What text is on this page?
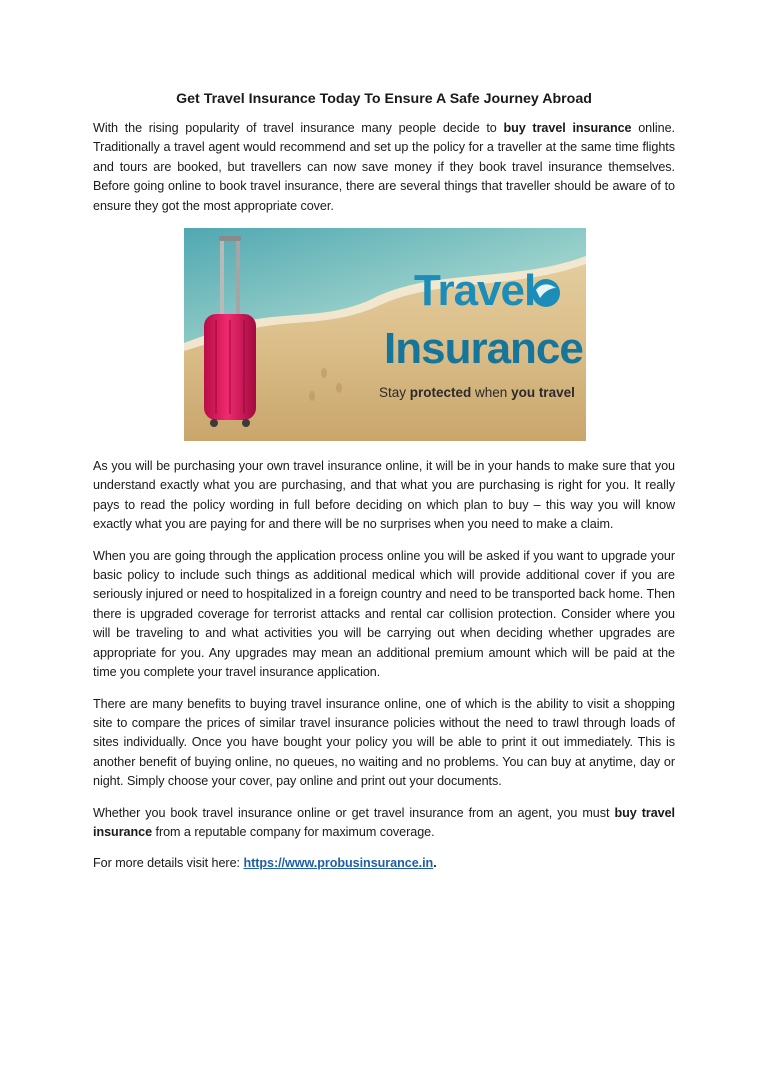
Get Travel Insurance Today To Ensure A Safe Journey Abroad

With the rising popularity of travel insurance many people decide to buy travel insurance online. Traditionally a travel agent would recommend and set up the policy for a traveller at the same time flights and tours are booked, but travellers can now save money if they book travel insurance themselves. Before going online to book travel insurance, there are several things that traveller should be aware of to ensure they got the most appropriate cover.

Travel
Insurance
Stay protected when you travel

As you will be purchasing your own travel insurance online, it will be in your hands to make sure that you understand exactly what you are purchasing, and that what you are purchasing is right for you. It really pays to read the policy wording in full before deciding on which plan to buy – this way you will know exactly what you are paying for and there will be no surprises when you need to make a claim.

When you are going through the application process online you will be asked if you want to upgrade your basic policy to include such things as additional medical which will provide additional cover if you are seriously injured or need to hospitalized in a foreign country and need to be transported back home. Then there is upgraded coverage for terrorist attacks and rental car collision protection. Consider where you will be traveling to and what activities you will be carrying out when deciding whether upgrades are appropriate for you. Any upgrades may mean an additional premium amount which will be paid at the time you complete your travel insurance application.

There are many benefits to buying travel insurance online, one of which is the ability to visit a shopping site to compare the prices of similar travel insurance policies without the need to trawl through loads of sites individually. Once you have bought your policy you will be able to print it out immediately. This is another benefit of buying online, no queues, no waiting and no problems. You can buy at anytime, day or night. Simply choose your cover, pay online and print out your documents.

Whether you book travel insurance online or get travel insurance from an agent, you must buy travel insurance from a reputable company for maximum coverage.

For more details visit here: https://www.probusinsurance.in.
